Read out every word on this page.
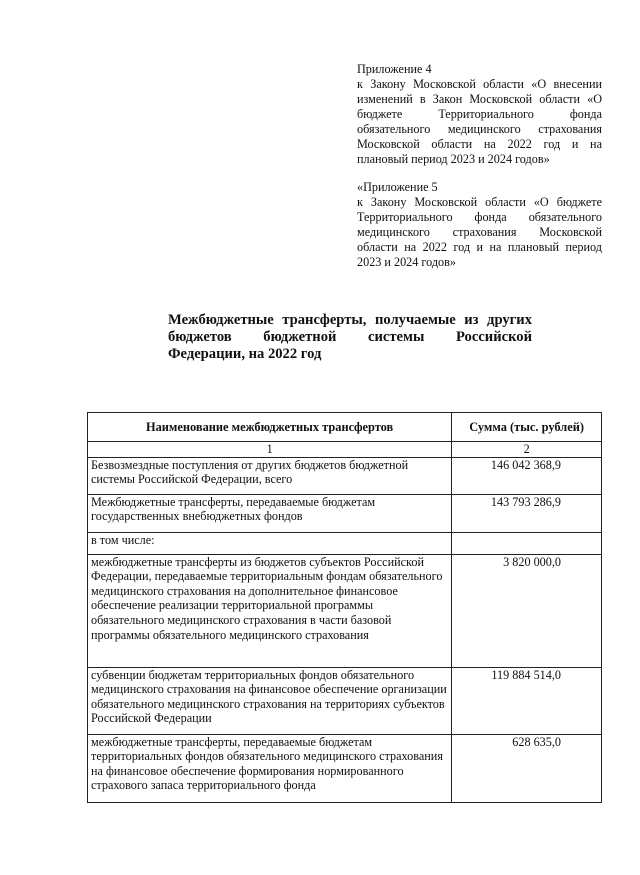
Приложение 4

к Закону Московской области «О внесении изменений в Закон Московской области «О бюджете Территориального фонда обязательного медицинского страхования Московской области на 2022 год и на плановый период 2023 и 2024 годов»

«Приложение 5

к Закону Московской области «О бюджете Территориального фонда обязательного медицинского страхования Московской области на 2022 год и на плановый период 2023 и 2024 годов»

Межбюджетные трансферты, получаемые из других
бюджетов бюджетной системы Российской
Федерации, на 2022 год
Наименование межбюджетных трансфертов	Сумма (тыс. рублей)
1	2
Безвозмездные поступления от других бюджетов бюджетной системы Российской Федерации, всего	146 042 368,9
Межбюджетные трансферты, передаваемые бюджетам государственных внебюджетных фондов	143 793 286,9
в том числе:	
межбюджетные трансферты из бюджетов субъектов Российской Федерации, передаваемые территориальным фондам обязательного медицинского страхования на дополнительное финансовое обеспечение реализации территориальной программы обязательного медицинского страхования в части базовой программы обязательного медицинского страхования	3 820 000,0
субвенции бюджетам территориальных фондов обязательного медицинского страхования на финансовое обеспечение организации обязательного медицинского страхования на территориях субъектов Российской Федерации	119 884 514,0
межбюджетные трансферты, передаваемые бюджетам территориальных фондов обязательного медицинского страхования на финансовое обеспечение формирования нормированного страхового запаса территориального фонда	628 635,0
